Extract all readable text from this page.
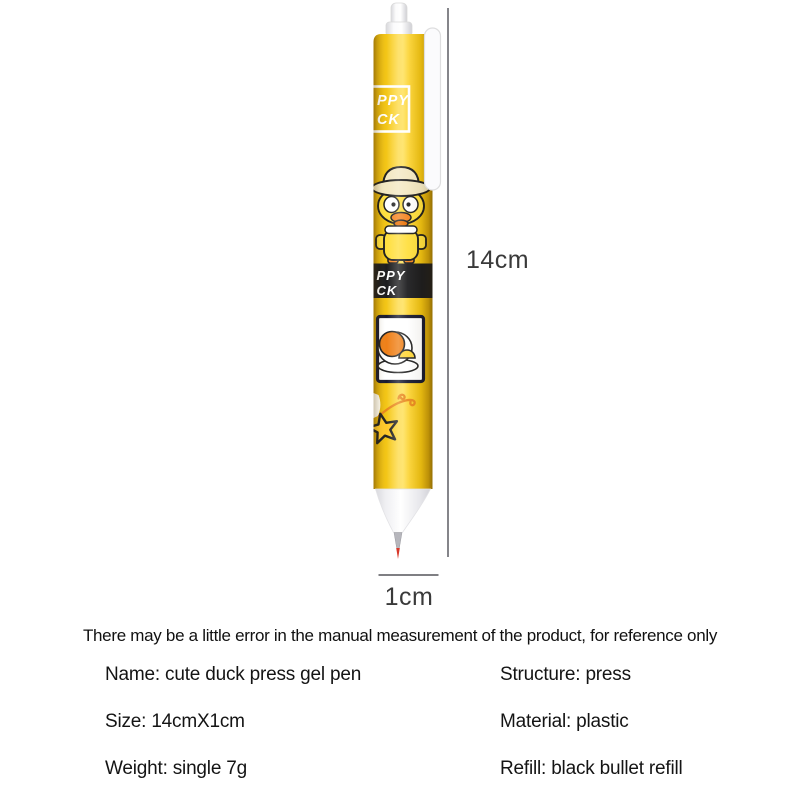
14cm
1cm
There may be a little error in the manual measurement of the product, for reference only
Name: cute duck press gel pen	Structure: press
Size: 14cmX1cm	Material: plastic
Weight: single 7g	Refill: black bullet refill
